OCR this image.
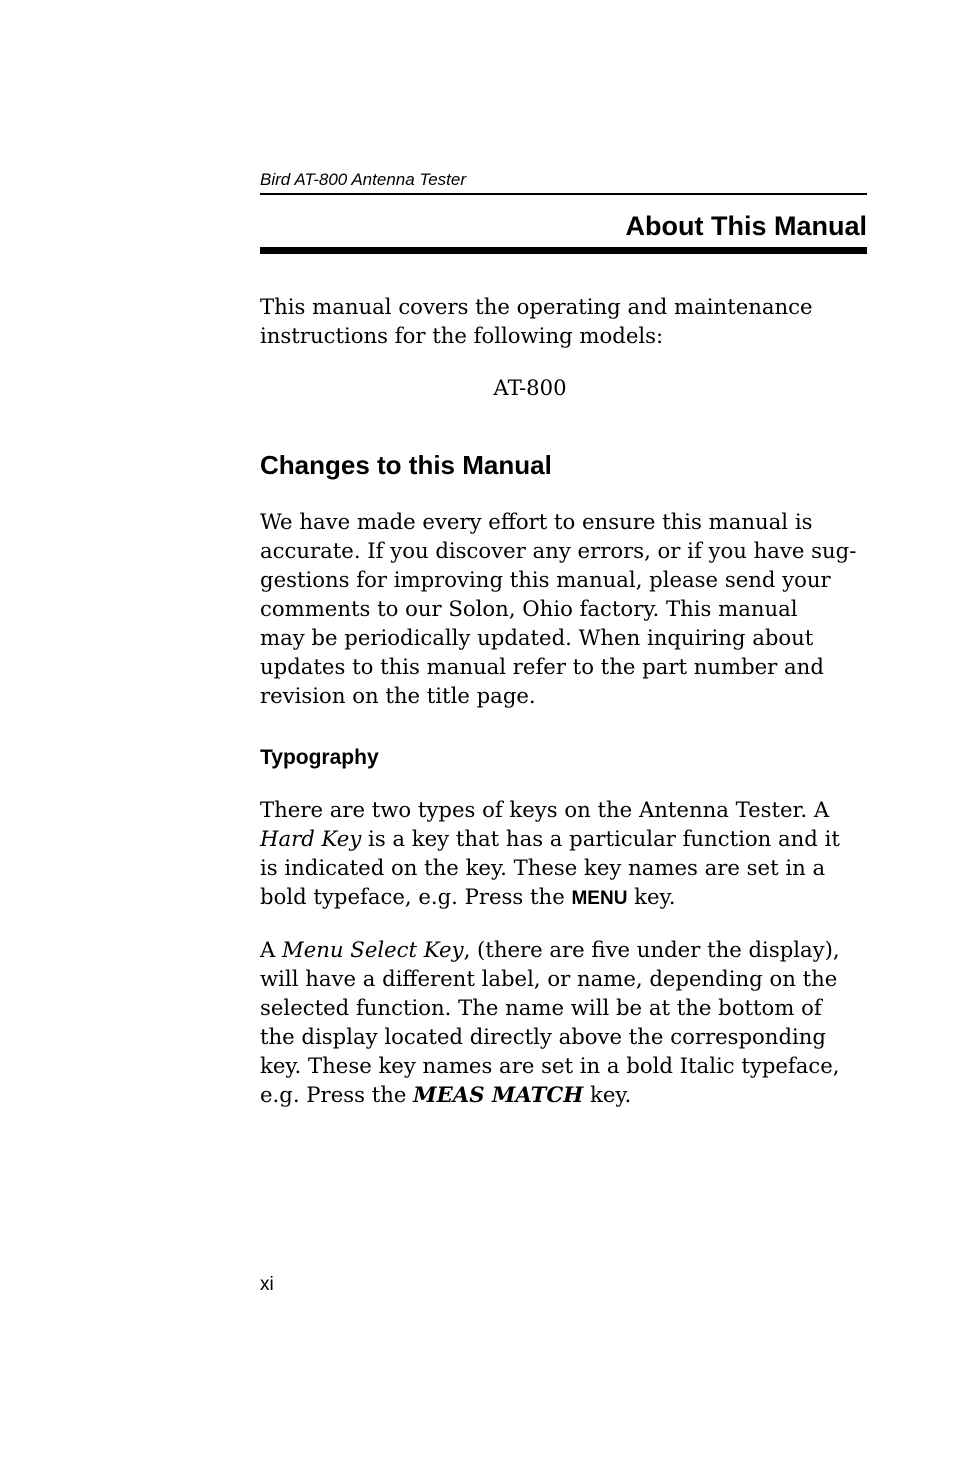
Bird AT-800 Antenna Tester
About This Manual

This manual covers the operating and maintenance
instructions for the following models:

AT-800

Changes to this Manual

We have made every effort to ensure this manual is
accurate. If you discover any errors, or if you have sug-
gestions for improving this manual, please send your
comments to our Solon, Ohio factory. This manual
may be periodically updated. When inquiring about
updates to this manual refer to the part number and
revision on the title page.

Typography

There are two types of keys on the Antenna Tester. A
Hard Key is a key that has a particular function and it
is indicated on the key. These key names are set in a
bold typeface, e.g. Press the MENU key.

A Menu Select Key, (there are five under the display),
will have a different label, or name, depending on the
selected function. The name will be at the bottom of
the display located directly above the corresponding
key. These key names are set in a bold Italic typeface,
e.g. Press the MEAS MATCH key.

xi
